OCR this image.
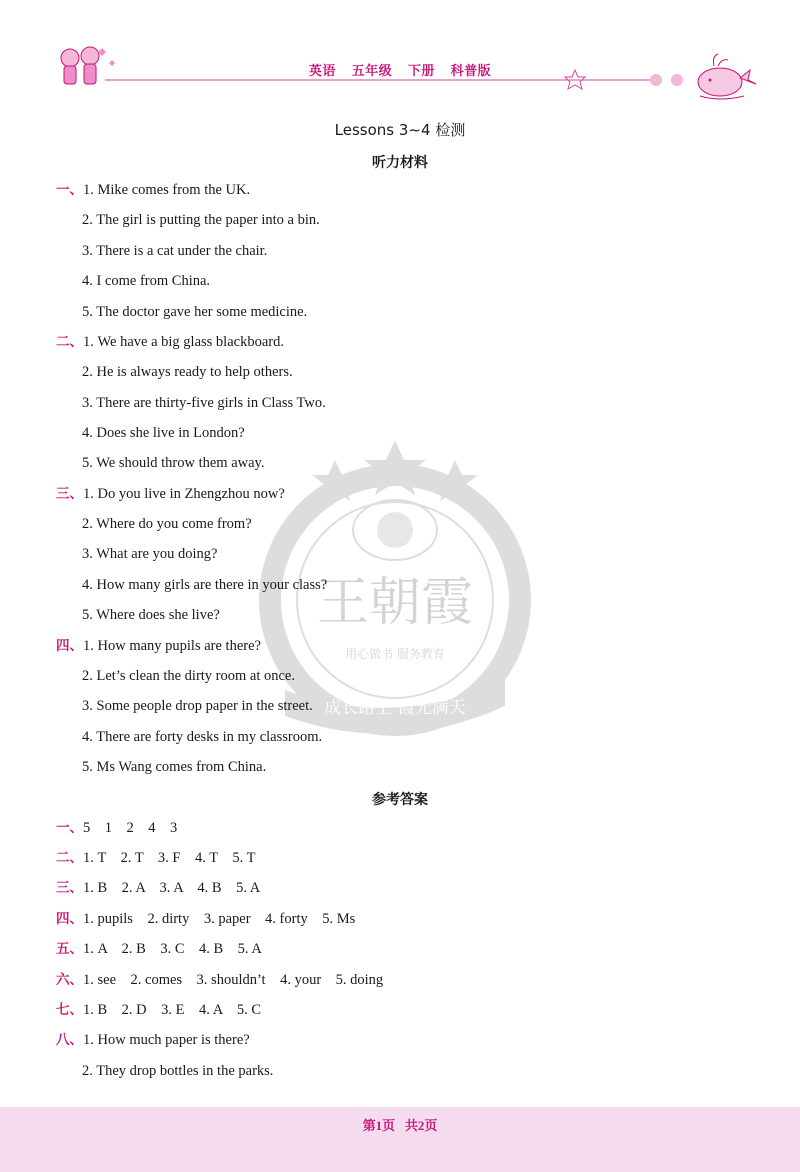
英语 五年级 下册 科普版
王朝霞
用心做书 服务教育
成长路上 霞光满天
Lessons 3~4 检测
听力材料
一、1. Mike comes from the UK.
2. The girl is putting the paper into a bin.
3. There is a cat under the chair.
4. I come from China.
5. The doctor gave her some medicine.
二、1. We have a big glass blackboard.
2. He is always ready to help others.
3. There are thirty-five girls in Class Two.
4. Does she live in London?
5. We should throw them away.
三、1. Do you live in Zhengzhou now?
2. Where do you come from?
3. What are you doing?
4. How many girls are there in your class?
5. Where does she live?
四、1. How many pupils are there?
2. Let’s clean the dirty room at once.
3. Some people drop paper in the street.
4. There are forty desks in my classroom.
5. Ms Wang comes from China.
参考答案
一、5    1    2    4    3
二、1. T    2. T    3. F    4. T    5. T
三、1. B    2. A    3. A    4. B    5. A
四、1. pupils    2. dirty    3. paper    4. forty    5. Ms
五、1. A    2. B    3. C    4. B    5. A
六、1. see    2. comes    3. shouldn’t    4. your    5. doing
七、1. B    2. D    3. E    4. A    5. C
八、1. How much paper is there?
2. They drop bottles in the parks.
第1页 共2页
